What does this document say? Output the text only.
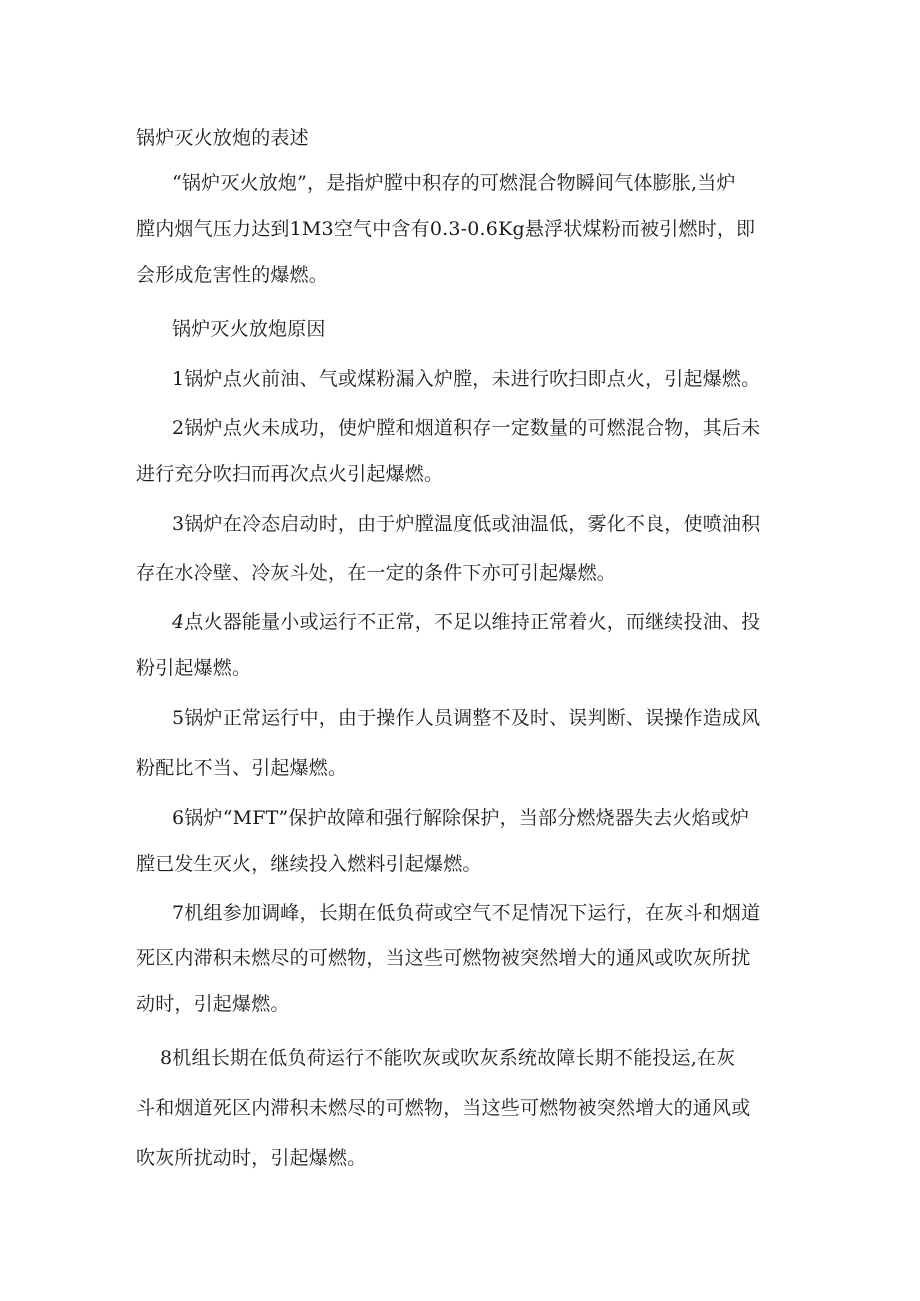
锅炉灭火放炮的表述
“锅炉灭火放炮”，是指炉膛中积存的可燃混合物瞬间气体膨胀,当炉
膛内烟气压力达到1M3空气中含有0.3-0.6Kg悬浮状煤粉而被引燃时，即
会形成危害性的爆燃。
锅炉灭火放炮原因
1锅炉点火前油、气或煤粉漏入炉膛，未进行吹扫即点火，引起爆燃。
2锅炉点火未成功，使炉膛和烟道积存一定数量的可燃混合物，其后未
进行充分吹扫而再次点火引起爆燃。
3锅炉在冷态启动时，由于炉膛温度低或油温低，雾化不良，使喷油积
存在水冷壁、冷灰斗处，在一定的条件下亦可引起爆燃。
4点火器能量小或运行不正常，不足以维持正常着火，而继续投油、投
粉引起爆燃。
5锅炉正常运行中，由于操作人员调整不及时、误判断、误操作造成风
粉配比不当、引起爆燃。
6锅炉“MFT”保护故障和强行解除保护，当部分燃烧器失去火焰或炉
膛已发生灭火，继续投入燃料引起爆燃。
7机组参加调峰，长期在低负荷或空气不足情况下运行，在灰斗和烟道
死区内滞积未燃尽的可燃物，当这些可燃物被突然增大的通风或吹灰所扰
动时，引起爆燃。
8机组长期在低负荷运行不能吹灰或吹灰系统故障长期不能投运,在灰
斗和烟道死区内滞积未燃尽的可燃物，当这些可燃物被突然增大的通风或
吹灰所扰动时，引起爆燃。
